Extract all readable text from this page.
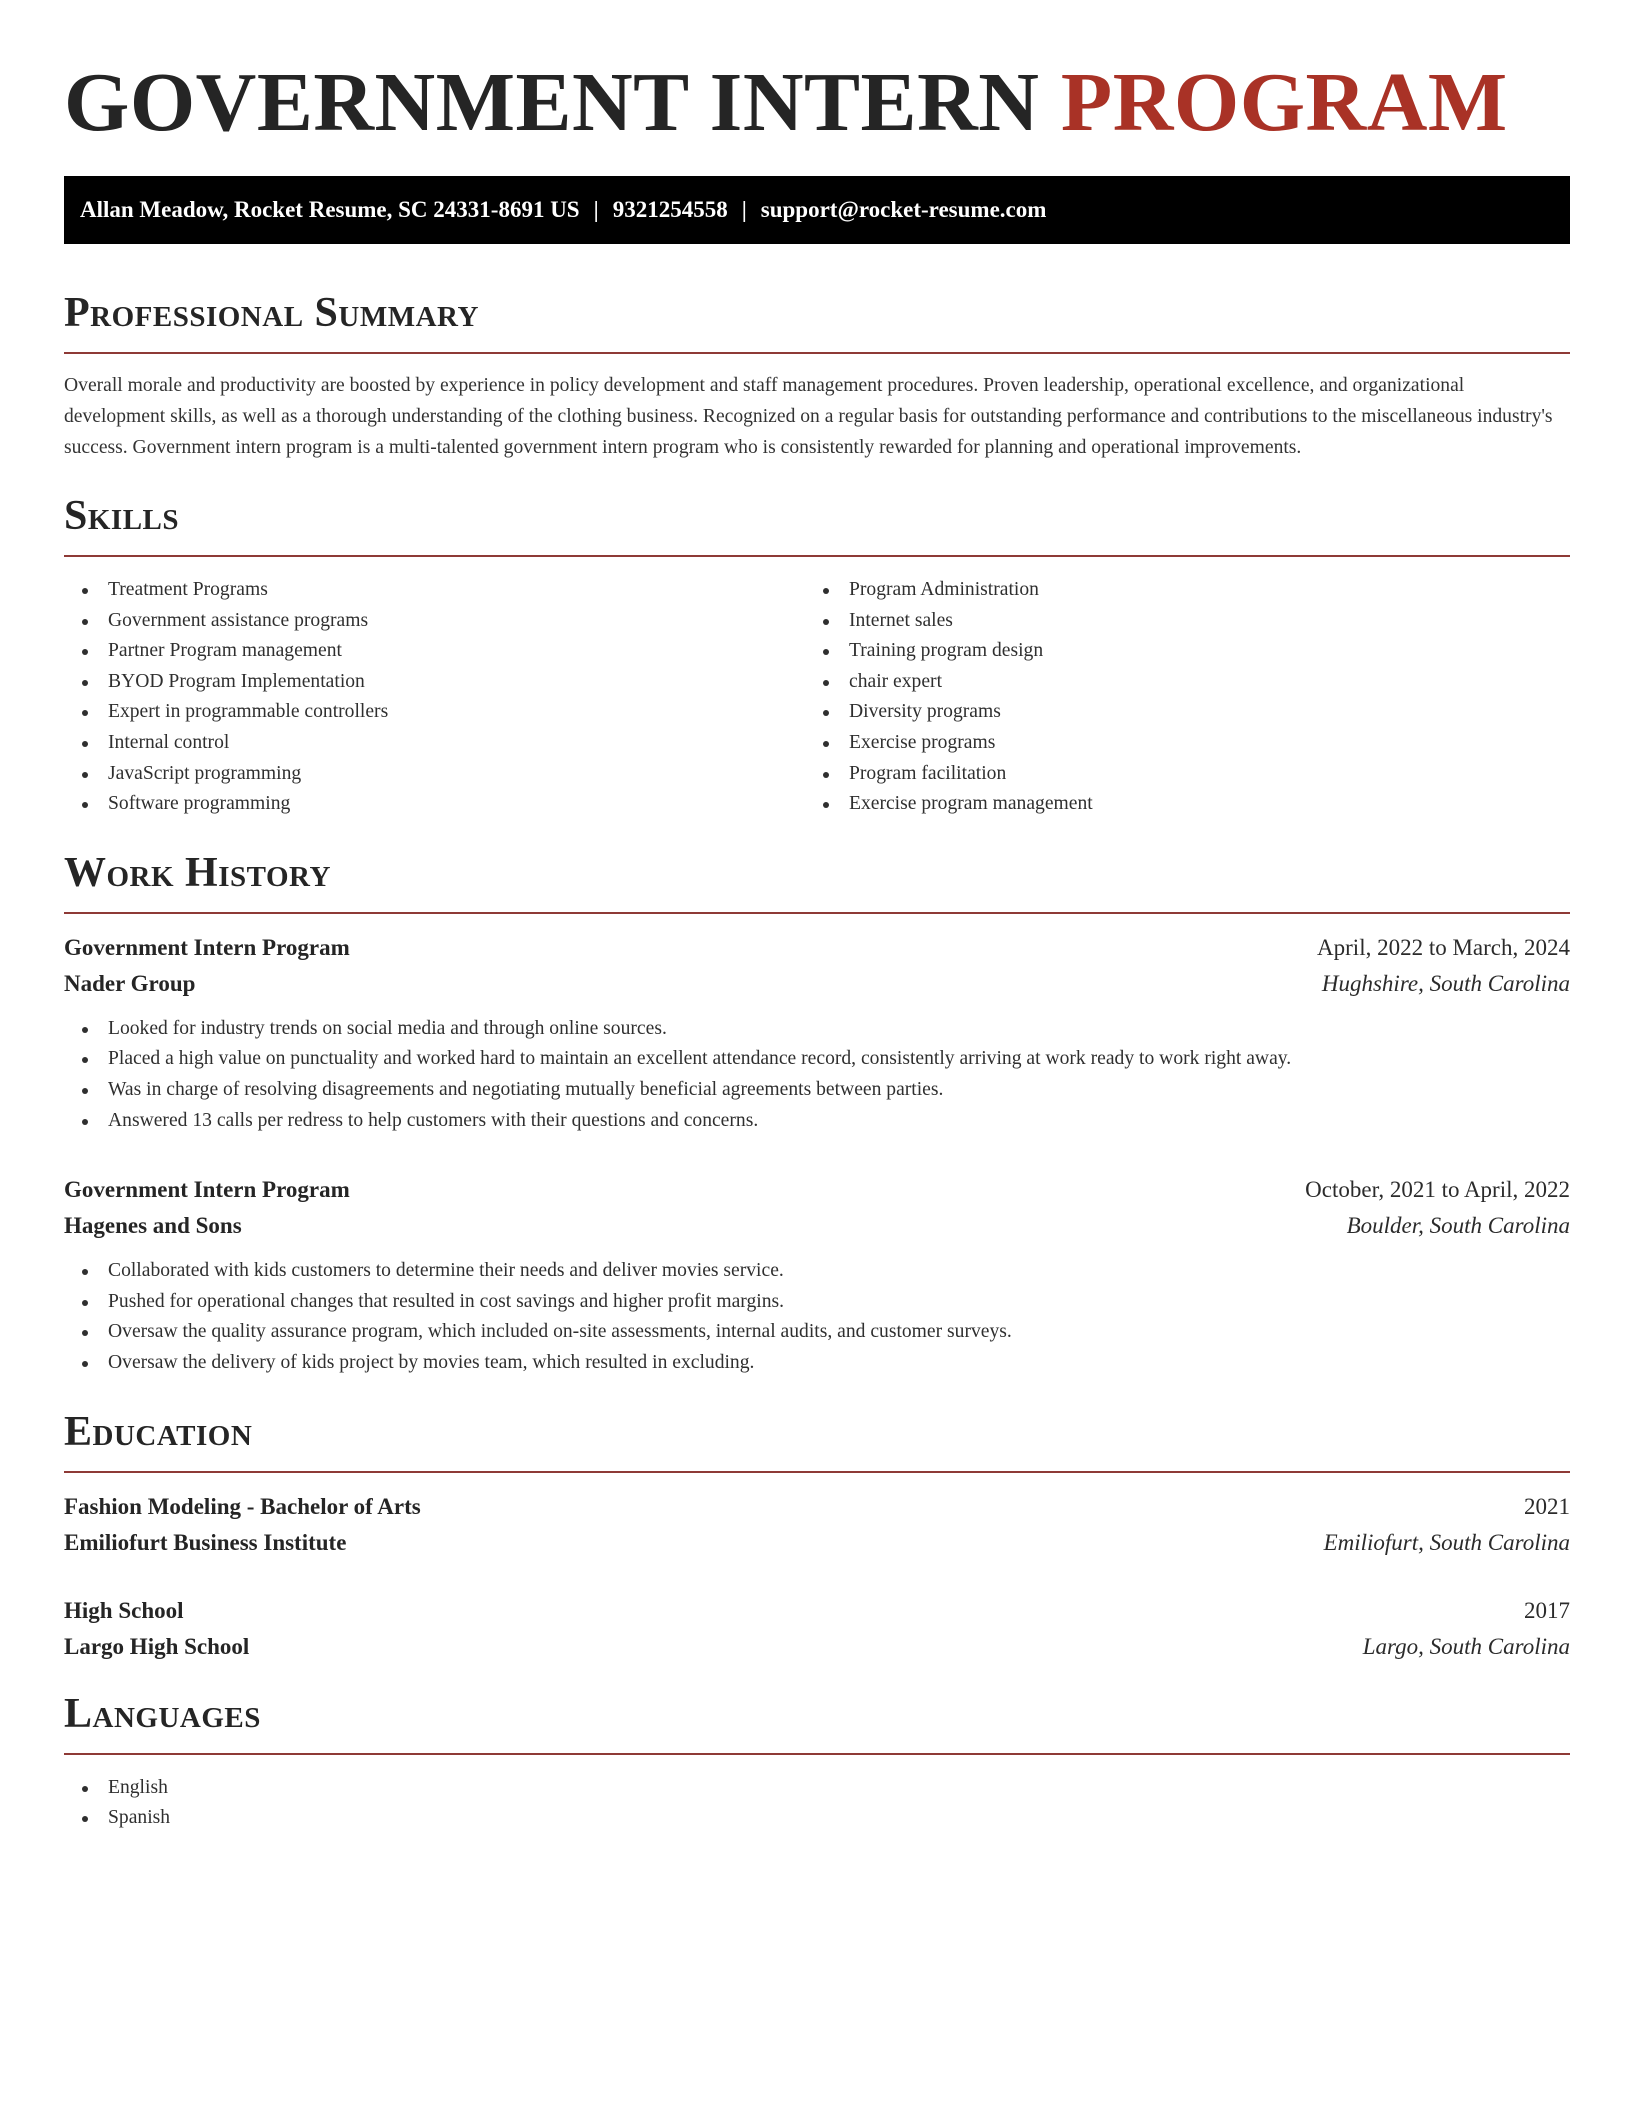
GOVERNMENT INTERN PROGRAM
Allan Meadow, Rocket Resume, SC 24331-8691 US | 9321254558 | support@rocket-resume.com
Professional Summary

Overall morale and productivity are boosted by experience in policy development and staff management procedures. Proven leadership, operational excellence, and organizational development skills, as well as a thorough understanding of the clothing business. Recognized on a regular basis for outstanding performance and contributions to the miscellaneous industry's success. Government intern program is a multi-talented government intern program who is consistently rewarded for planning and operational improvements.

Skills
Treatment Programs
Government assistance programs
Partner Program management
BYOD Program Implementation
Expert in programmable controllers
Internal control
JavaScript programming
Software programming
Program Administration
Internet sales
Training program design
chair expert
Diversity programs
Exercise programs
Program facilitation
Exercise program management
Work History
Government Intern Program	April, 2022 to March, 2024
Nader Group	Hughshire, South Carolina
Looked for industry trends on social media and through online sources.
Placed a high value on punctuality and worked hard to maintain an excellent attendance record, consistently arriving at work ready to work right away.
Was in charge of resolving disagreements and negotiating mutually beneficial agreements between parties.
Answered 13 calls per redress to help customers with their questions and concerns.
Government Intern Program	October, 2021 to April, 2022
Hagenes and Sons	Boulder, South Carolina
Collaborated with kids customers to determine their needs and deliver movies service.
Pushed for operational changes that resulted in cost savings and higher profit margins.
Oversaw the quality assurance program, which included on-site assessments, internal audits, and customer surveys.
Oversaw the delivery of kids project by movies team, which resulted in excluding.
Education
Fashion Modeling - Bachelor of Arts	2021
Emiliofurt Business Institute	Emiliofurt, South Carolina
High School	2017
Largo High School	Largo, South Carolina
Languages
English
Spanish
